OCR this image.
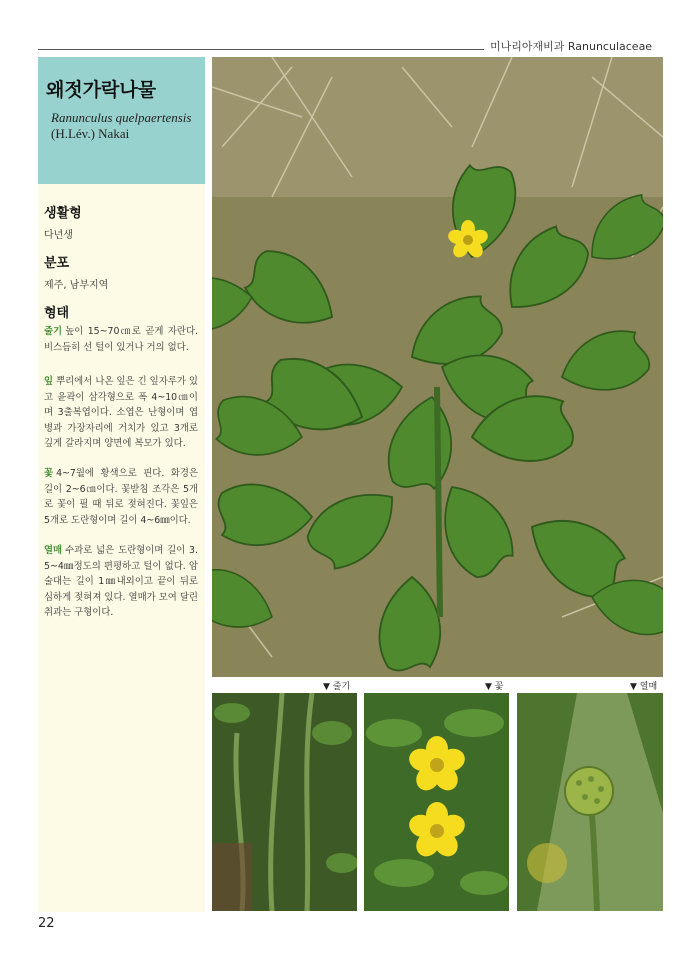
미나리아재비과 Ranunculaceae
왜젓가락나물
Ranunculus quelpaertensis
(H.Lév.) Nakai
생활형
다년생
분포
제주, 남부지역
형태
줄기 높이 15~70㎝로 곧게 자란다. 비스듬히 선 털이 있거나 거의 없다.
잎 뿌리에서 나온 잎은 긴 잎자루가 있고 윤곽이 삼각형으로 폭 4~10㎝이며 3출복엽이다. 소엽은 난형이며 엽병과 가장자리에 거치가 있고 3개로 깊게 갈라지며 양면에 복모가 있다.
꽃 4~7월에 황색으로 핀다. 화경은 길이 2~6㎝이다. 꽃받침 조각은 5개로 꽃이 필 때 뒤로 젖혀진다. 꽃잎은 5개로 도란형이며 길이 4~6㎜이다.
열매 수과로 넓은 도란형이며 길이 3.5~4㎜정도의 편평하고 털이 없다. 암술대는 길이 1㎜내외이고 끝이 뒤로 심하게 젖혀져 있다. 열매가 모여 달린 취과는 구형이다.
▼ 줄기	▼ 꽃	▼ 열매
22
